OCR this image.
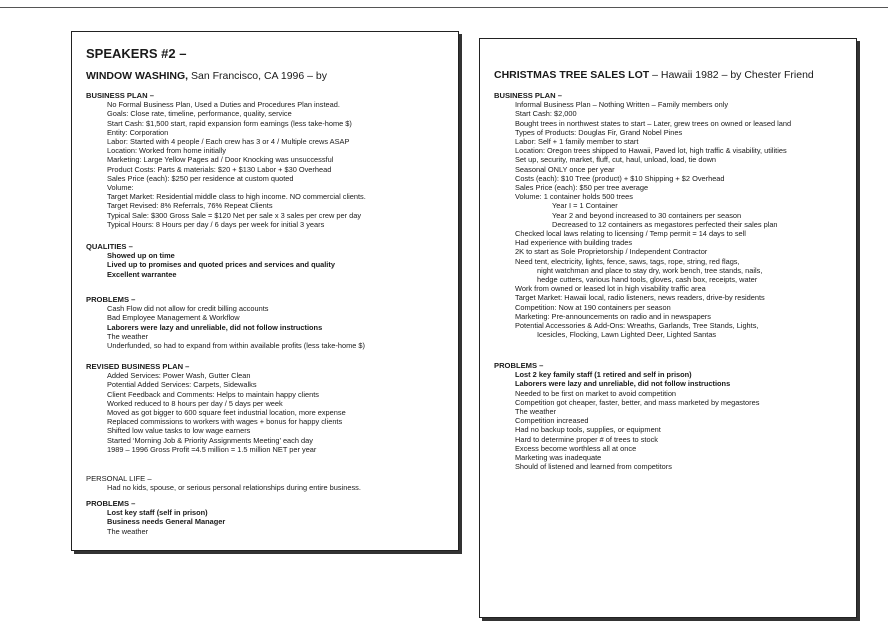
SPEAKERS #2 –
WINDOW WASHING, San Francisco, CA 1996 – by
BUSINESS PLAN –
No Formal Business Plan, Used a Duties and Procedures Plan instead.
Goals: Close rate, timeline, performance, quality, service
Start Cash: $1,500 start, rapid expansion form earnings (less take-home $)
Entity: Corporation
Labor: Started with 4 people / Each crew has 3 or 4 / Multiple crews ASAP
Location: Worked from home initially
Marketing: Large Yellow Pages ad / Door Knocking was unsuccessful
Product Costs: Parts & materials: $20 + $130 Labor + $30 Overhead
Sales Price (each): $250 per residence at custom quoted
Volume:
Target Market: Residential middle class to high income. NO commercial clients.
Target Revised: 8% Referrals, 76% Repeat Clients
Typical Sale: $300 Gross Sale = $120 Net per sale x 3 sales per crew per day
Typical Hours: 8 Hours per day / 6 days per week for initial 3 years
QUALITIES –
Showed up on time
Lived up to promises and quoted prices and services and quality
Excellent warrantee
PROBLEMS –
Cash Flow did not allow for credit billing accounts
Bad Employee Management & Workflow
Laborers were lazy and unreliable, did not follow instructions
The weather
Underfunded, so had to expand from within available profits (less take-home $)
REVISED BUSINESS PLAN –
Added Services: Power Wash, Gutter Clean
Potential Added Services: Carpets, Sidewalks
Client Feedback and Comments: Helps to maintain happy clients
Worked reduced to 8 hours per day / 5 days per week
Moved as got bigger to 600 square feet industrial location, more expense
Replaced commissions to workers with wages + bonus for happy clients
Shifted low value tasks to low wage earners
Started ‘Morning Job & Priority Assignments Meeting’ each day
1989 – 1996 Gross Profit =4.5 million = 1.5 million NET per year
PERSONAL LIFE –
Had no kids, spouse, or serious personal relationships during entire business.
PROBLEMS –
Lost key staff (self in prison)
Business needs General Manager
The weather
CHRISTMAS TREE SALES LOT – Hawaii 1982 – by Chester Friend
BUSINESS PLAN –
Informal Business Plan – Nothing Written – Family members only
Start Cash: $2,000
Bought trees in northwest states to start – Later, grew trees on owned or leased land
Types of Products: Douglas Fir, Grand Nobel Pines
Labor: Self + 1 family member to start
Location: Oregon trees shipped to Hawaii, Paved lot, high traffic & visability, utilities
Set up, security, market, fluff, cut, haul, unload, load, tie down
Seasonal ONLY once per year
Costs (each): $10 Tree (product) + $10 Shipping + $2 Overhead
Sales Price (each): $50 per tree average
Volume: 1 container holds 500 trees
Year I = 1 Container
Year 2 and beyond increased to 30 containers per season
Decreased to 12 containers as megastores perfected their sales plan
Checked local laws relating to licensing / Temp permit = 14 days to sell
Had experience with building trades
2K to start as Sole Proprietorship / Independent Contractor
Need tent, electricity, lights, fence, saws, tags, rope, string, red flags,
night watchman and place to stay dry, work bench, tree stands, nails,
hedge cutters, various hand tools, gloves, cash box, receipts, water
Work from owned or leased lot in high visability traffic area
Target Market: Hawaii local, radio listeners, news readers, drive-by residents
Competition: Now at 190 containers per season
Marketing: Pre-announcements on radio and in newspapers
Potential Accessories & Add-Ons: Wreaths, Garlands, Tree Stands, Lights,
Icesicles, Flocking, Lawn Lighted Deer, Lighted Santas
PROBLEMS –
Lost 2 key family staff (1 retired and self in prison)
Laborers were lazy and unreliable, did not follow instructions
Needed to be first on market to avoid competition
Competition got cheaper, faster, better, and mass marketed by megastores
The weather
Competition increased
Had no backup tools, supplies, or equipment
Hard to determine proper # of trees to stock
Excess become worthless all at once
Marketing was inadequate
Should of listened and learned from competitors
